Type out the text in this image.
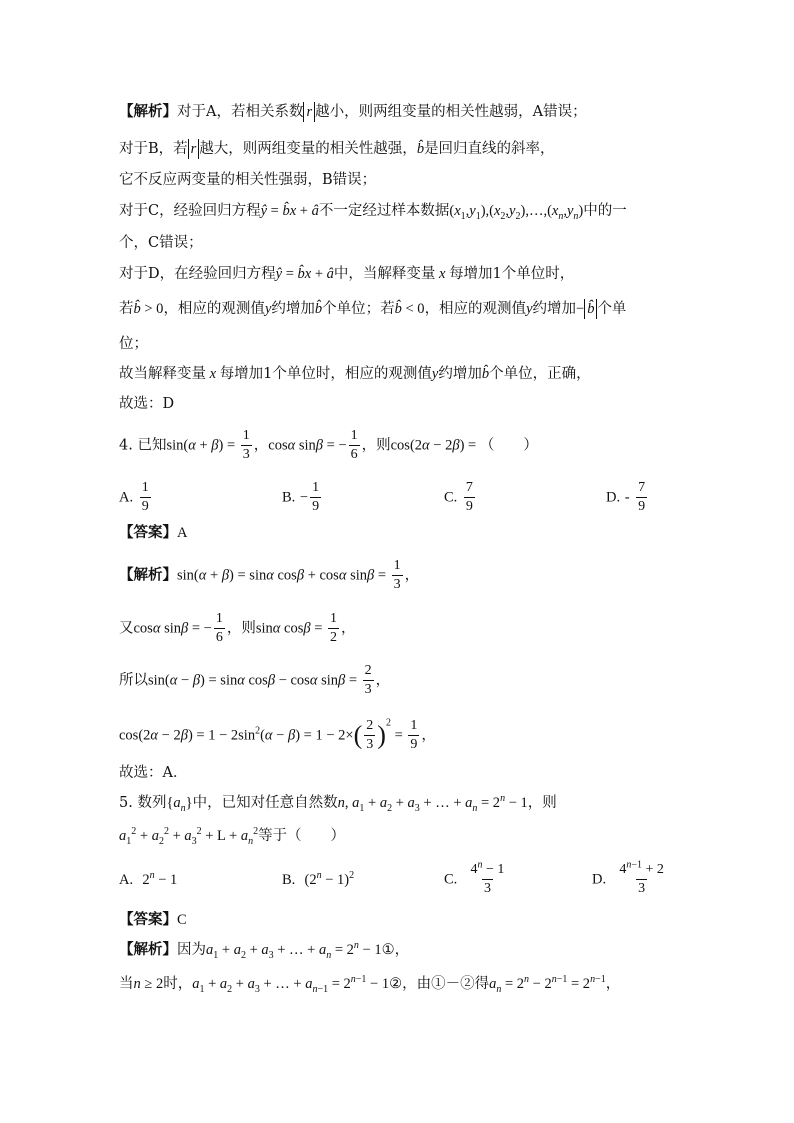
【解析】对于A，若相关系数 r 越小，则两组变量的相关性越弱，A错误；
对于B，若 r 越大，则两组变量的相关性越强，b̂是回归直线的斜率，
它不反应两变量的相关性强弱，B错误；
对于C，经验回归方程ŷ = b̂x + â不一定经过样本数据$(x_1,y_1),(x_2,y_2),\dots,(x_n,y_n)$中的一
个，C错误；
对于D，在经验回归方程ŷ = b̂x + â中，当解释变量 x 每增加1个单位时，
若b̂ > 0，相应的观测值y约增加b̂个单位；若b̂ < 0，相应的观测值y约增加− b̂ 个单
位；
故当解释变量 x 每增加1个单位时，相应的观测值y约增加b̂个单位，正确，
故选：D
4. 已知$\sin(\alpha + \beta) = \frac{1}{3}$ ，cosα sinβ = − $\frac{1}{6}$ ，则cos(2α − 2β) = （　　）
A. $\frac{1}{9}$	B. − $\frac{1}{9}$	C. $\frac{7}{9}$	D. - $\frac{7}{9}$
【答案】A
【解析】sin(α + β) = sinα cosβ + cosα $\sin\beta = \frac{1}{3}$ ，
又cosα sinβ = − $\frac{1}{6}$ ，则sinα $\cos\beta = \frac{1}{2}$ ，
所以sin(α − β) = sinα cosβ − cosα $\sin\beta = \frac{2}{3}$ ，
$\cos(2\alpha - 2\beta) = 1 - 2\sin^2(\alpha - \beta) = 1 - 2\times( \frac{2}{3} )^2 = \frac{1}{9}$ ，
故选：A．
5. 数列$\{a_n\}$中，已知对任意自然数n, $a_1 + a_2 + a_3$ + … + $a_n = 2^n - 1$，则
$a_1^2 + a_2^2 + a_3^2 + L + a_n^2$等于（　　）
A. $2^n - 1$	B. $(2^n - 1)^2$	C. $\frac{4^n - 1}{3}$	D. $\frac{4^{n-1} + 2}{3}$
【答案】C
【解析】因为$a_1 + a_2 + a_3$ + … + $a_n = 2^n$ − 1①，
当n ≥ 2时，$a_1 + a_2 + a_3$ + … + $a_{n-1} = 2^{n-1}$ − 1②，由①－②得$a_n = 2^n - 2^{n-1} = 2^{n-1}$，
